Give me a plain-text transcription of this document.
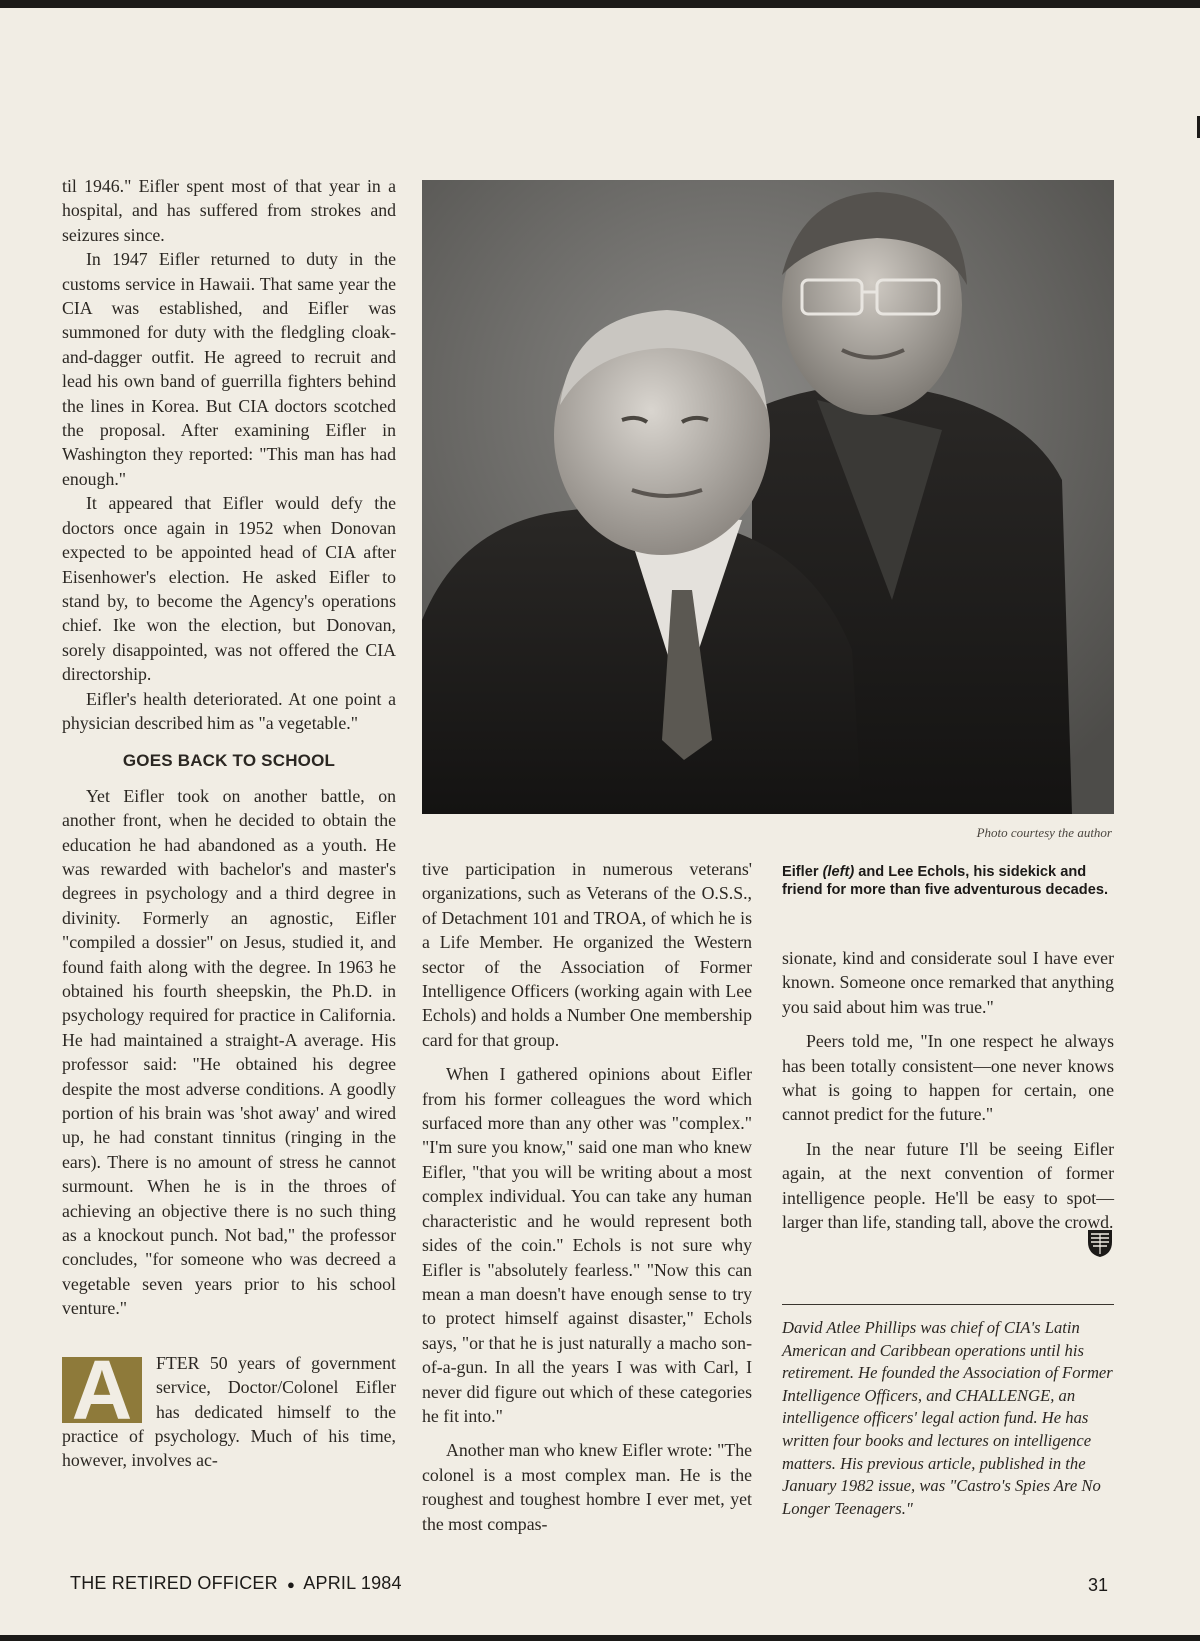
til 1946." Eifler spent most of that year in a hospital, and has suffered from strokes and seizures since.

In 1947 Eifler returned to duty in the customs service in Hawaii. That same year the CIA was established, and Eifler was summoned for duty with the fledgling cloak-and-dagger outfit. He agreed to recruit and lead his own band of guerrilla fighters behind the lines in Korea. But CIA doctors scotched the proposal. After examining Eifler in Washington they reported: "This man has had enough."

It appeared that Eifler would defy the doctors once again in 1952 when Donovan expected to be appointed head of CIA after Eisenhower's election. He asked Eifler to stand by, to become the Agency's operations chief. Ike won the election, but Donovan, sorely disappointed, was not offered the CIA directorship.

Eifler's health deteriorated. At one point a physician described him as "a vegetable."

GOES BACK TO SCHOOL

Yet Eifler took on another battle, on another front, when he decided to obtain the education he had abandoned as a youth. He was rewarded with bachelor's and master's degrees in psychology and a third degree in divinity. Formerly an agnostic, Eifler "compiled a dossier" on Jesus, studied it, and found faith along with the degree. In 1963 he obtained his fourth sheepskin, the Ph.D. in psychology required for practice in California. He had maintained a straight-A average. His professor said: "He obtained his degree despite the most adverse conditions. A goodly portion of his brain was 'shot away' and wired up, he had constant tinnitus (ringing in the ears). There is no amount of stress he cannot surmount. When he is in the throes of achieving an objective there is no such thing as a knockout punch. Not bad," the professor concludes, "for someone who was decreed a vegetable seven years prior to his school venture."

A	FTER 50 years of government service, Doctor/Colonel Eifler has dedicated himself to the practice of psychology. Much of his time, however, involves ac-

Photo courtesy the author
Eifler (left) and Lee Echols, his sidekick and friend for more than five adventurous decades.

tive participation in numerous veterans' organizations, such as Veterans of the O.S.S., of Detachment 101 and TROA, of which he is a Life Member. He organized the Western sector of the Association of Former Intelligence Officers (working again with Lee Echols) and holds a Number One membership card for that group.

When I gathered opinions about Eifler from his former colleagues the word which surfaced more than any other was "complex." "I'm sure you know," said one man who knew Eifler, "that you will be writing about a most complex individual. You can take any human characteristic and he would represent both sides of the coin." Echols is not sure why Eifler is "absolutely fearless." "Now this can mean a man doesn't have enough sense to try to protect himself against disaster," Echols says, "or that he is just naturally a macho son-of-a-gun. In all the years I was with Carl, I never did figure out which of these categories he fit into."

Another man who knew Eifler wrote: "The colonel is a most complex man. He is the roughest and toughest hombre I ever met, yet the most compas-

sionate, kind and considerate soul I have ever known. Someone once remarked that anything you said about him was true."

Peers told me, "In one respect he always has been totally consistent—one never knows what is going to happen for certain, one cannot predict for the future."

In the near future I'll be seeing Eifler again, at the next convention of former intelligence people. He'll be easy to spot—larger than life, standing tall, above the crowd.

David Atlee Phillips was chief of CIA's Latin American and Caribbean operations until his retirement. He founded the Association of Former Intelligence Officers, and CHALLENGE, an intelligence officers' legal action fund. He has written four books and lectures on intelligence matters. His previous article, published in the January 1982 issue, was "Castro's Spies Are No Longer Teenagers."
THE RETIRED OFFICER ● APRIL 1984	31
